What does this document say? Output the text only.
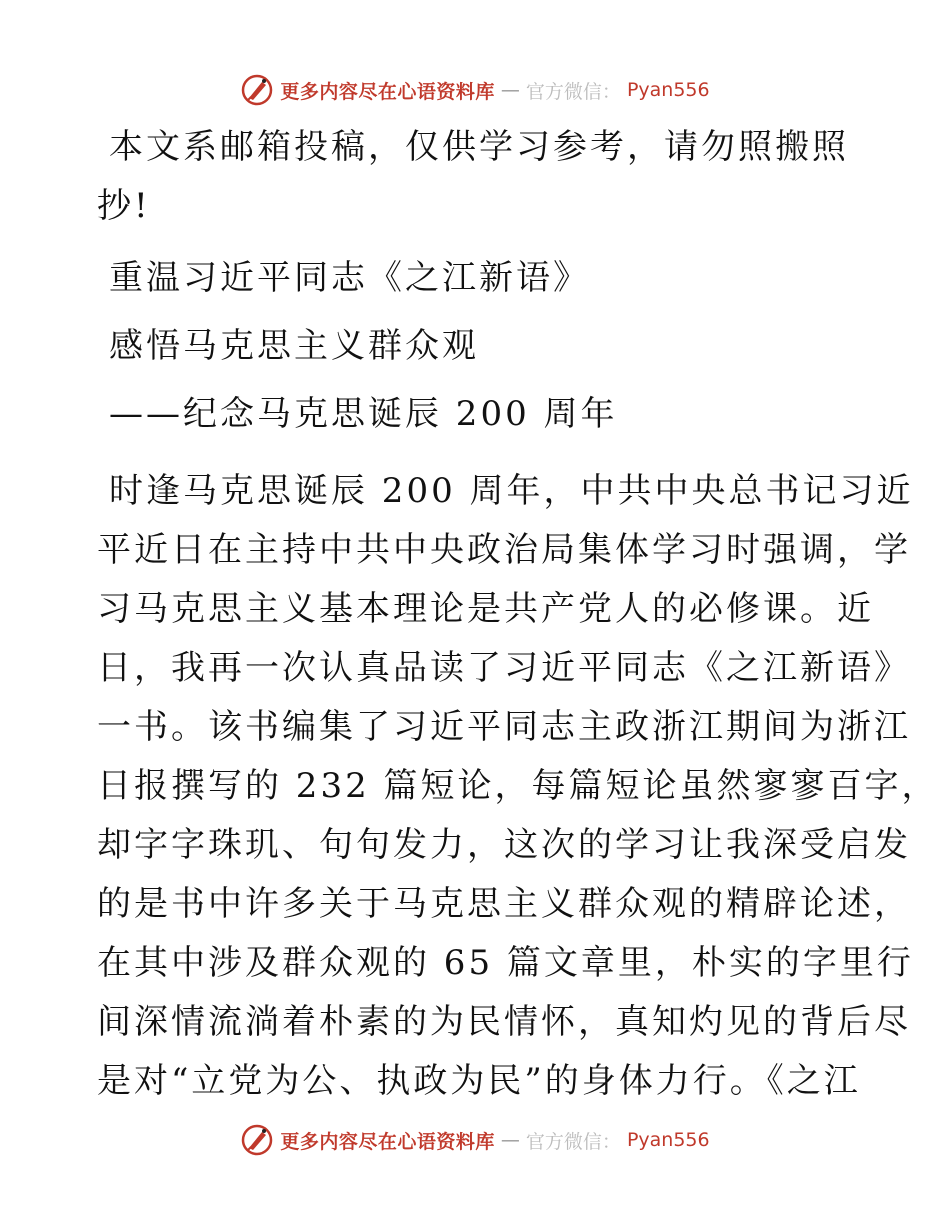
更多内容尽在心语资料库 — 官方微信： Pyan556

本文系邮箱投稿，仅供学习参考，请勿照搬照

抄!

重温习近平同志《之江新语》

感悟马克思主义群众观

——纪念马克思诞辰 200 周年

时逢马克思诞辰 200 周年，中共中央总书记习近

平近日在主持中共中央政治局集体学习时强调，学

习马克思主义基本理论是共产党人的必修课。近

日，我再一次认真品读了习近平同志《之江新语》

一书。该书编集了习近平同志主政浙江期间为浙江

日报撰写的 232 篇短论，每篇短论虽然寥寥百字，

却字字珠玑、句句发力，这次的学习让我深受启发

的是书中许多关于马克思主义群众观的精辟论述，

在其中涉及群众观的 65 篇文章里，朴实的字里行

间深情流淌着朴素的为民情怀，真知灼见的背后尽

是对“立党为公、执政为民”的身体力行。《之江

更多内容尽在心语资料库 — 官方微信： Pyan556
